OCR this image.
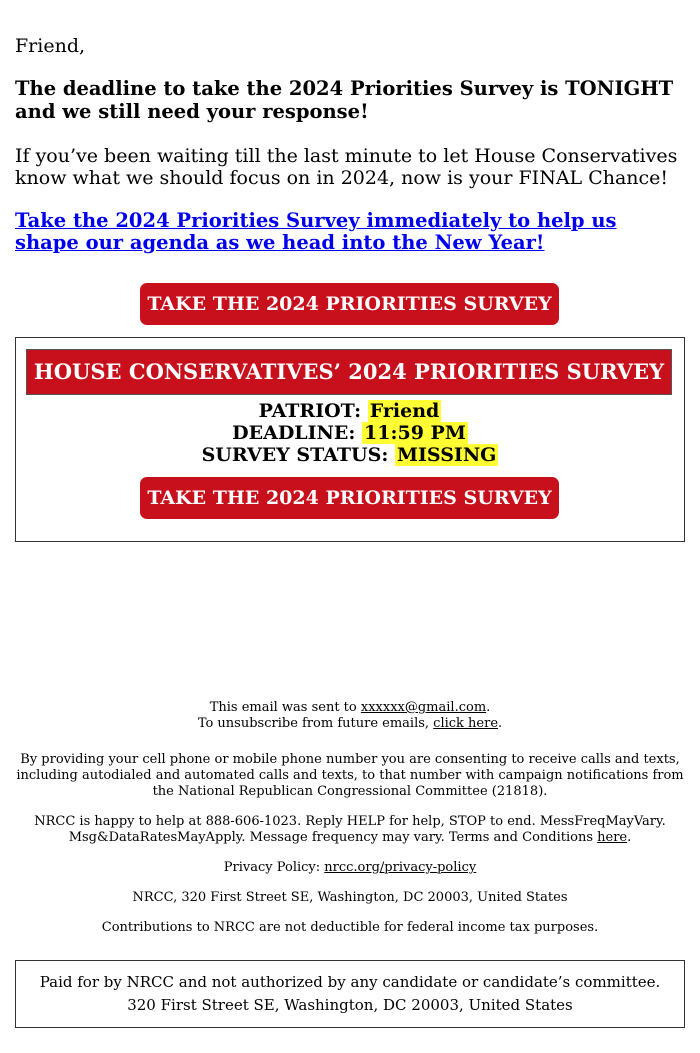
Friend,
The deadline to take the 2024 Priorities Survey is TONIGHT and we still need your response!
If you’ve been waiting till the last minute to let House Conservatives know what we should focus on in 2024, now is your FINAL Chance!
Take the 2024 Priorities Survey immediately to help us shape our agenda as we head into the New Year!
TAKE THE 2024 PRIORITIES SURVEY
HOUSE CONSERVATIVES’ 2024 PRIORITIES SURVEY
PATRIOT: Friend
DEADLINE: 11:59 PM
SURVEY STATUS: MISSING
TAKE THE 2024 PRIORITIES SURVEY

This email was sent to xxxxxx@gmail.com.

To unsubscribe from future emails, click here.

By providing your cell phone or mobile phone number you are consenting to receive calls and texts, including autodialed and automated calls and texts, to that number with campaign notifications from the National Republican Congressional Committee (21818).

NRCC is happy to help at 888-606-1023. Reply HELP for help, STOP to end. MessFreqMayVary. Msg&DataRatesMayApply. Message frequency may vary. Terms and Conditions here.

Privacy Policy: nrcc.org/privacy-policy

NRCC, 320 First Street SE, Washington, DC 20003, United States

Contributions to NRCC are not deductible for federal income tax purposes.

Paid for by NRCC and not authorized by any candidate or candidate’s committee. 320 First Street SE, Washington, DC 20003, United States
